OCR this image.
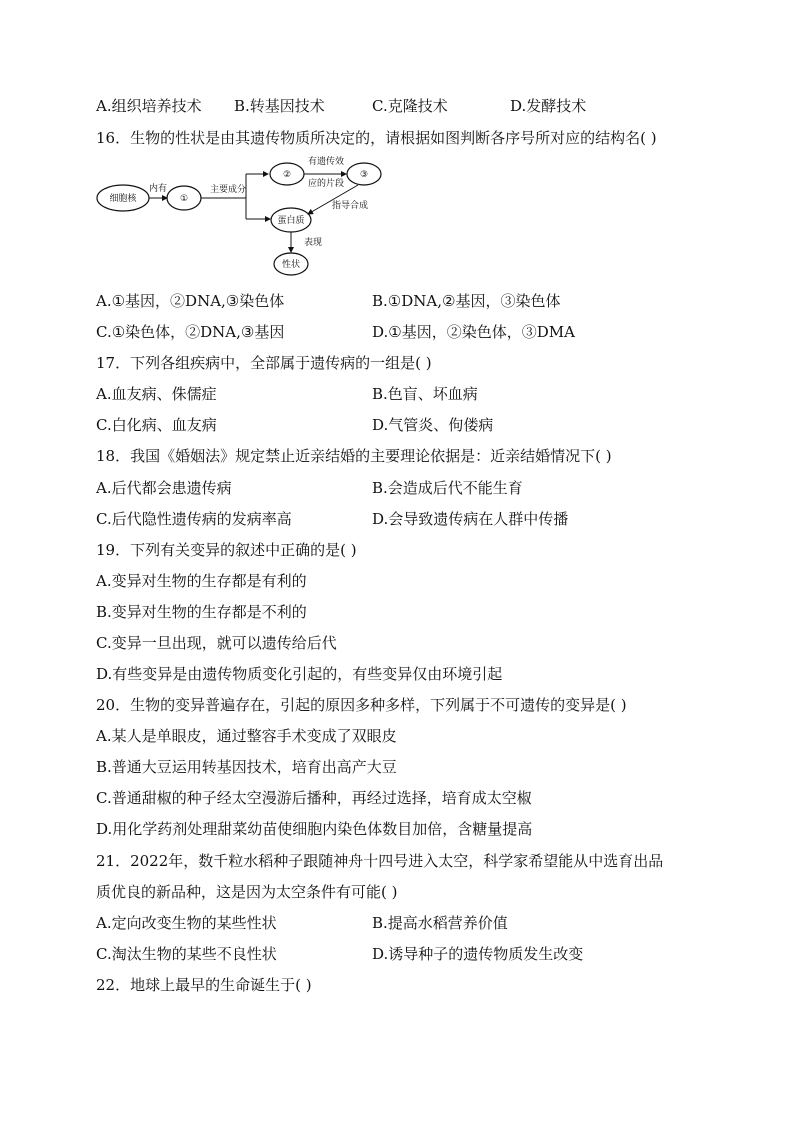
A.组织培养技术 B.转基因技术	C.克隆技术	D.发酵技术
16．生物的性状是由其遗传物质所决定的，请根据如图判断各序号所对应的结构名( )
细胞核
内有
①
主要成分
②
有遗传效
应的片段
③
指导合成
蛋白质
表现
性状
A.①基因，②DNA,③染色体	B.①DNA,②基因，③染色体
C.①染色体，②DNA,③基因	D.①基因，②染色体，③DMA
17．下列各组疾病中，全部属于遗传病的一组是( )
A.血友病、侏儒症	B.色盲、坏血病
C.白化病、血友病	D.气管炎、佝偻病
18．我国《婚姻法》规定禁止近亲结婚的主要理论依据是：近亲结婚情况下( )
A.后代都会患遗传病	B.会造成后代不能生育
C.后代隐性遗传病的发病率高	D.会导致遗传病在人群中传播
19．下列有关变异的叙述中正确的是( )
A.变异对生物的生存都是有利的
B.变异对生物的生存都是不利的
C.变异一旦出现，就可以遗传给后代
D.有些变异是由遗传物质变化引起的，有些变异仅由环境引起
20．生物的变异普遍存在，引起的原因多种多样，下列属于不可遗传的变异是( )
A.某人是单眼皮，通过整容手术变成了双眼皮
B.普通大豆运用转基因技术，培育出高产大豆
C.普通甜椒的种子经太空漫游后播种，再经过选择，培育成太空椒
D.用化学药剂处理甜菜幼苗使细胞内染色体数目加倍，含糖量提高
21．2022年，数千粒水稻种子跟随神舟十四号进入太空，科学家希望能从中选育出品
质优良的新品种，这是因为太空条件有可能( )
A.定向改变生物的某些性状	B.提高水稻营养价值
C.淘汰生物的某些不良性状	D.诱导种子的遗传物质发生改变
22．地球上最早的生命诞生于( )
